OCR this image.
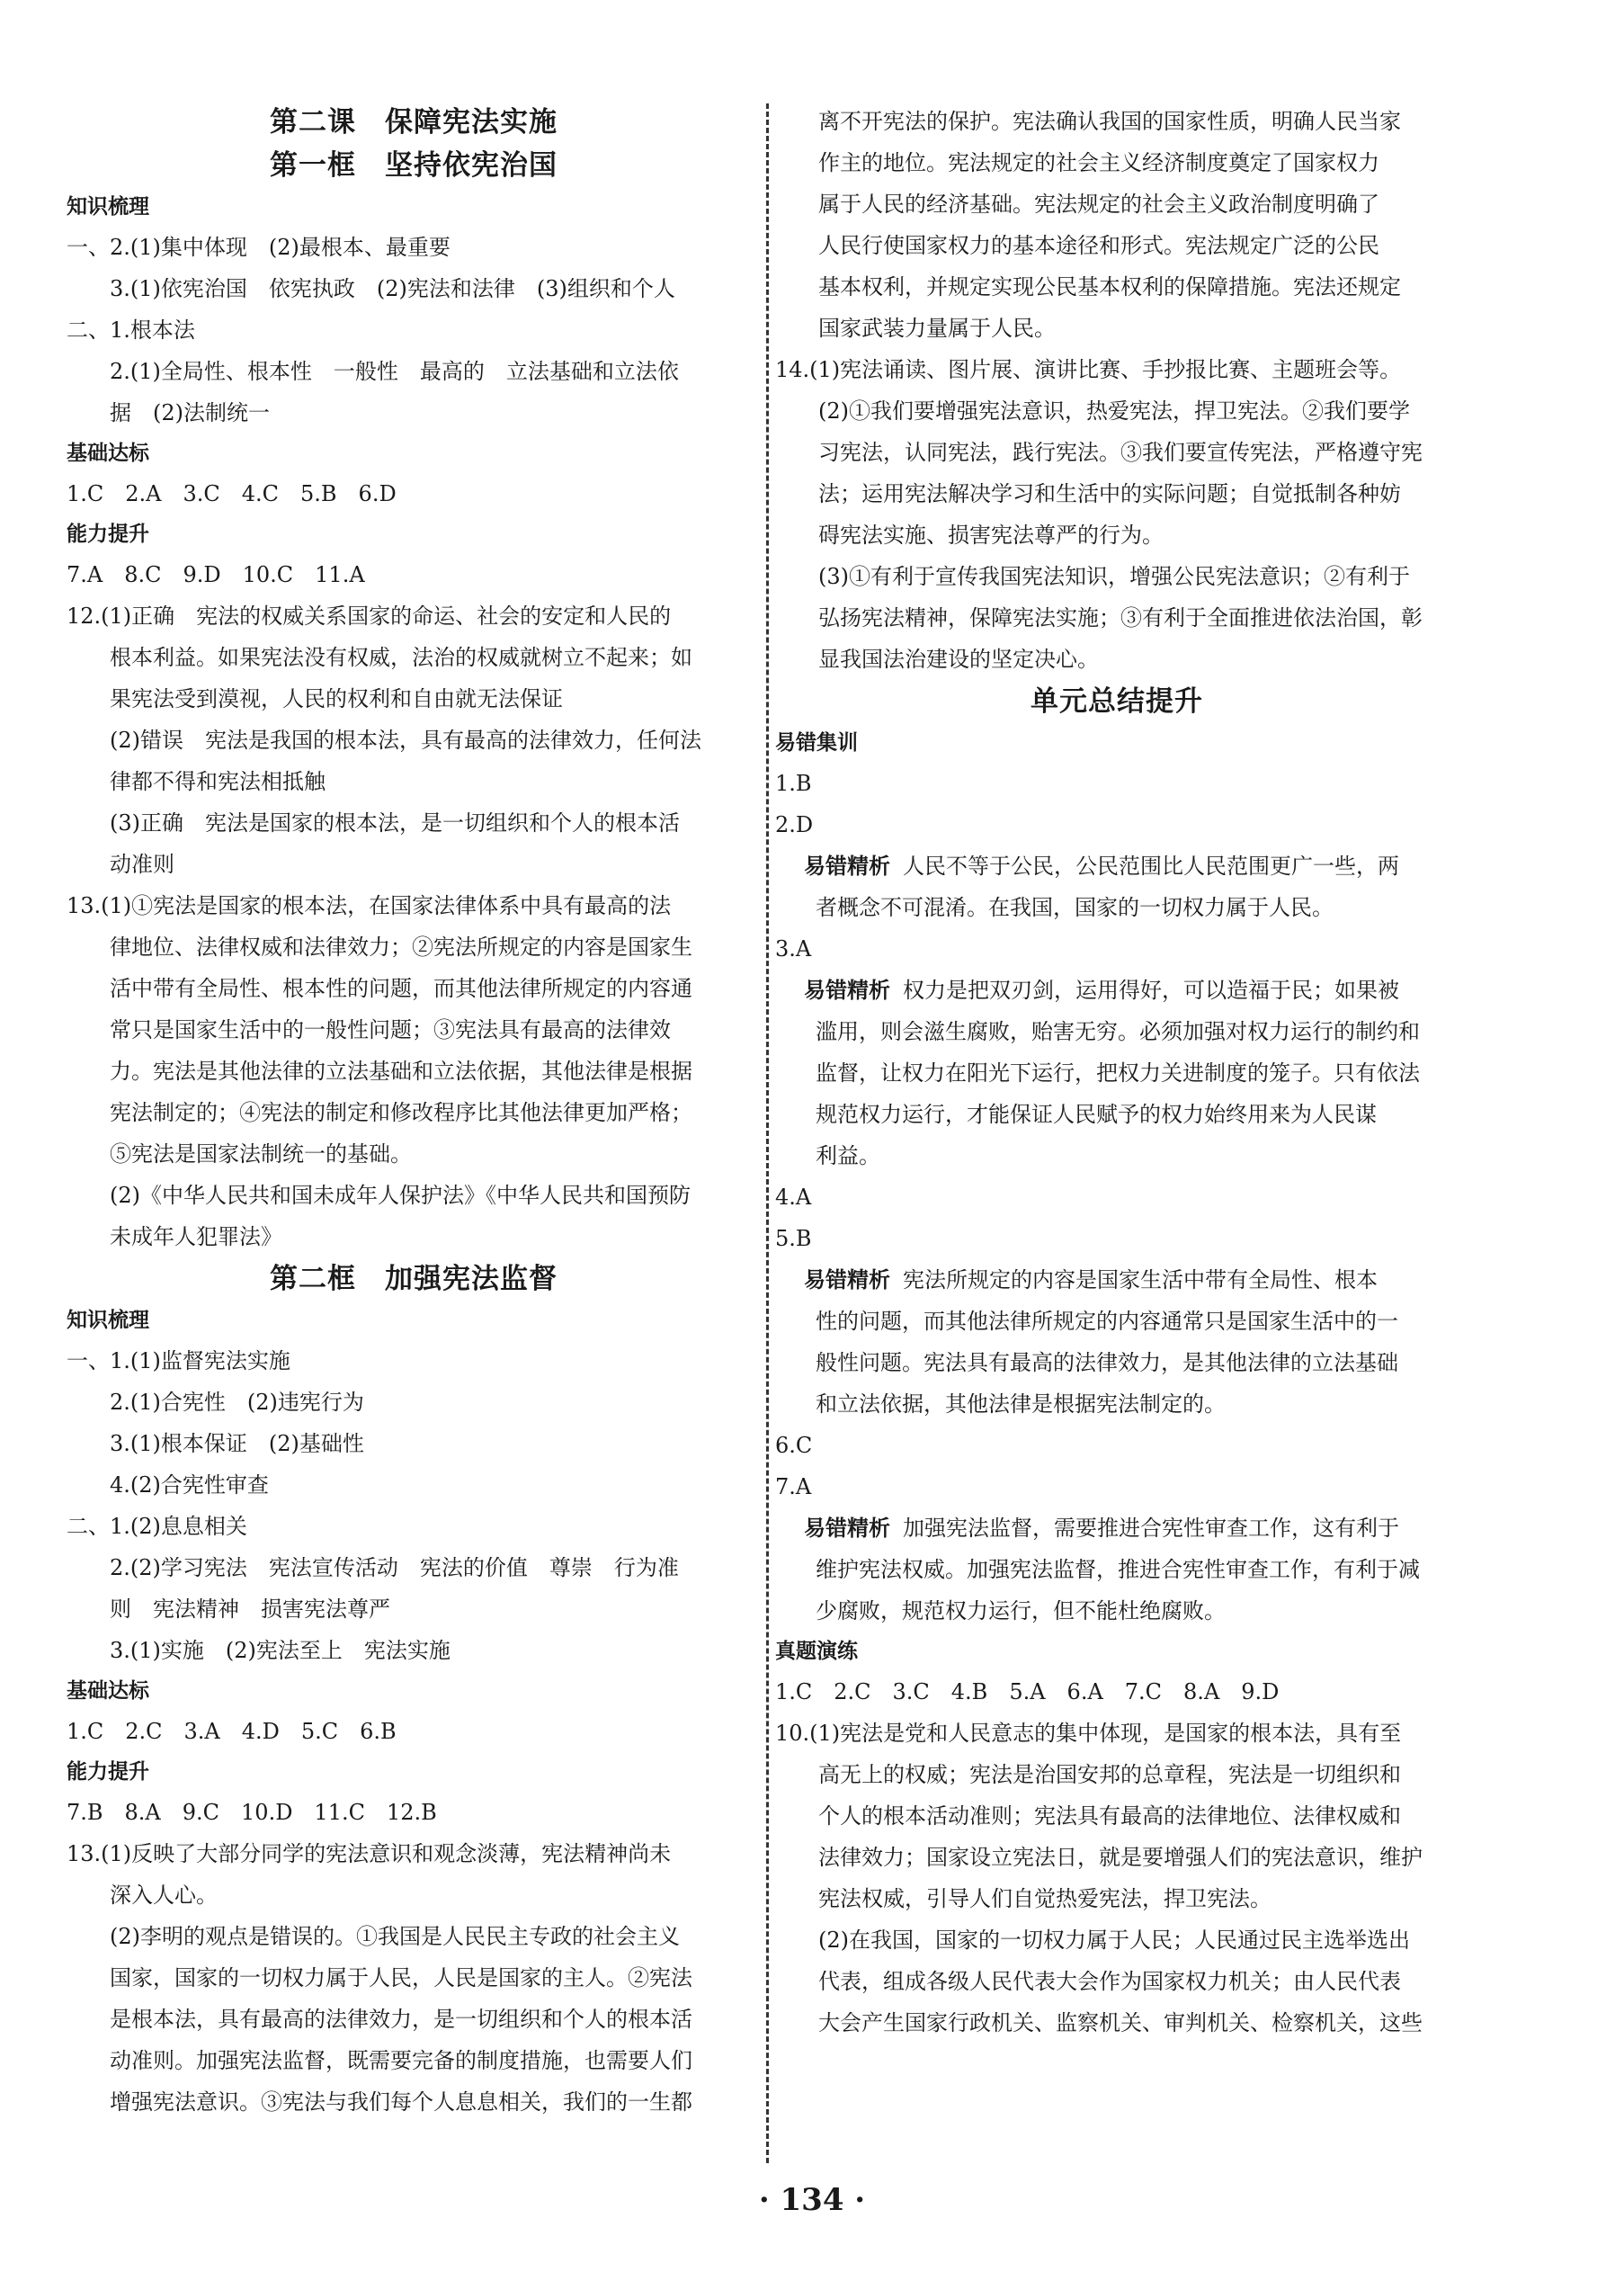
第二课　保障宪法实施
第一框　坚持依宪治国
知识梳理
一、2.(1)集中体现　(2)最根本、最重要
3.(1)依宪治国　依宪执政　(2)宪法和法律　(3)组织和个人
二、1.根本法
2.(1)全局性、根本性　一般性　最高的　立法基础和立法依
据　(2)法制统一
基础达标
1.C　2.A　3.C　4.C　5.B　6.D
能力提升
7.A　8.C　9.D　10.C　11.A
12.(1)正确　宪法的权威关系国家的命运、社会的安定和人民的
根本利益。如果宪法没有权威，法治的权威就树立不起来；如
果宪法受到漠视，人民的权利和自由就无法保证
(2)错误　宪法是我国的根本法，具有最高的法律效力，任何法
律都不得和宪法相抵触
(3)正确　宪法是国家的根本法，是一切组织和个人的根本活
动准则
13.(1)①宪法是国家的根本法，在国家法律体系中具有最高的法
律地位、法律权威和法律效力；②宪法所规定的内容是国家生
活中带有全局性、根本性的问题，而其他法律所规定的内容通
常只是国家生活中的一般性问题；③宪法具有最高的法律效
力。宪法是其他法律的立法基础和立法依据，其他法律是根据
宪法制定的；④宪法的制定和修改程序比其他法律更加严格；
⑤宪法是国家法制统一的基础。
(2)《中华人民共和国未成年人保护法》《中华人民共和国预防
未成年人犯罪法》
第二框　加强宪法监督
知识梳理
一、1.(1)监督宪法实施
2.(1)合宪性　(2)违宪行为
3.(1)根本保证　(2)基础性
4.(2)合宪性审查
二、1.(2)息息相关
2.(2)学习宪法　宪法宣传活动　宪法的价值　尊崇　行为准
则　宪法精神　损害宪法尊严
3.(1)实施　(2)宪法至上　宪法实施
基础达标
1.C　2.C　3.A　4.D　5.C　6.B
能力提升
7.B　8.A　9.C　10.D　11.C　12.B
13.(1)反映了大部分同学的宪法意识和观念淡薄，宪法精神尚未
深入人心。
(2)李明的观点是错误的。①我国是人民民主专政的社会主义
国家，国家的一切权力属于人民，人民是国家的主人。②宪法
是根本法，具有最高的法律效力，是一切组织和个人的根本活
动准则。加强宪法监督，既需要完备的制度措施，也需要人们
增强宪法意识。③宪法与我们每个人息息相关，我们的一生都
离不开宪法的保护。宪法确认我国的国家性质，明确人民当家
作主的地位。宪法规定的社会主义经济制度奠定了国家权力
属于人民的经济基础。宪法规定的社会主义政治制度明确了
人民行使国家权力的基本途径和形式。宪法规定广泛的公民
基本权利，并规定实现公民基本权利的保障措施。宪法还规定
国家武装力量属于人民。
14.(1)宪法诵读、图片展、演讲比赛、手抄报比赛、主题班会等。
(2)①我们要增强宪法意识，热爱宪法，捍卫宪法。②我们要学
习宪法，认同宪法，践行宪法。③我们要宣传宪法，严格遵守宪
法；运用宪法解决学习和生活中的实际问题；自觉抵制各种妨
碍宪法实施、损害宪法尊严的行为。
(3)①有利于宣传我国宪法知识，增强公民宪法意识；②有利于
弘扬宪法精神，保障宪法实施；③有利于全面推进依法治国，彰
显我国法治建设的坚定决心。
单元总结提升
易错集训
1.B
2.D
易错精析 人民不等于公民，公民范围比人民范围更广一些，两
者概念不可混淆。在我国，国家的一切权力属于人民。
3.A
易错精析 权力是把双刃剑，运用得好，可以造福于民；如果被
滥用，则会滋生腐败，贻害无穷。必须加强对权力运行的制约和
监督，让权力在阳光下运行，把权力关进制度的笼子。只有依法
规范权力运行，才能保证人民赋予的权力始终用来为人民谋
利益。
4.A
5.B
易错精析 宪法所规定的内容是国家生活中带有全局性、根本
性的问题，而其他法律所规定的内容通常只是国家生活中的一
般性问题。宪法具有最高的法律效力，是其他法律的立法基础
和立法依据，其他法律是根据宪法制定的。
6.C
7.A
易错精析 加强宪法监督，需要推进合宪性审查工作，这有利于
维护宪法权威。加强宪法监督，推进合宪性审查工作，有利于减
少腐败，规范权力运行，但不能杜绝腐败。
真题演练
1.C　2.C　3.C　4.B　5.A　6.A　7.C　8.A　9.D
10.(1)宪法是党和人民意志的集中体现，是国家的根本法，具有至
高无上的权威；宪法是治国安邦的总章程，宪法是一切组织和
个人的根本活动准则；宪法具有最高的法律地位、法律权威和
法律效力；国家设立宪法日，就是要增强人们的宪法意识，维护
宪法权威，引导人们自觉热爱宪法，捍卫宪法。
(2)在我国，国家的一切权力属于人民；人民通过民主选举选出
代表，组成各级人民代表大会作为国家权力机关；由人民代表
大会产生国家行政机关、监察机关、审判机关、检察机关，这些
· 134 ·
